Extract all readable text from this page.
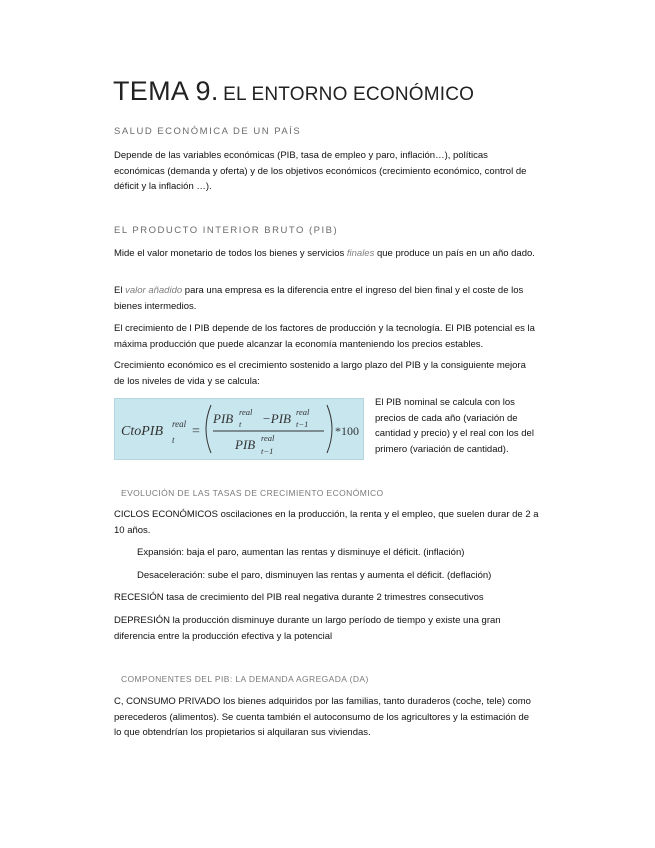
TEMA 9. EL ENTORNO ECONÓMICO
SALUD ECONÓMICA DE UN PAÍS
Depende de las variables económicas (PIB, tasa de empleo y paro, inflación…), políticas económicas (demanda y oferta) y de los objetivos económicos (crecimiento económico, control de déficit y la inflación …).
EL PRODUCTO INTERIOR BRUTO (PIB)
Mide el valor monetario de todos los bienes y servicios finales que produce un país en un año dado.
El valor añadido para una empresa es la diferencia entre el ingreso del bien final y el coste de los bienes intermedios.
El crecimiento de l PIB depende de los factores de producción y la tecnología. El PIB potencial es la máxima producción que puede alcanzar la economía manteniendo los precios estables.
Crecimiento económico es el crecimiento sostenido a largo plazo del PIB y la consiguiente mejora de los niveles de vida y se calcula:
CtoPIB real
t
=
PIB real
t −PIB real
t−1
PIB real
t−1
*100
El PIB nominal se calcula con los precios de cada año (variación de cantidad y precio) y el real con los del primero (variación de cantidad).
EVOLUCIÓN DE LAS TASAS DE CRECIMIENTO ECONÓMICO
CICLOS ECONÓMICOS oscilaciones en la producción, la renta y el empleo, que suelen durar de 2 a 10 años.
Expansión: baja el paro, aumentan las rentas y disminuye el déficit. (inflación)
Desaceleración: sube el paro, disminuyen las rentas y aumenta el déficit. (deflación)
RECESIÓN tasa de crecimiento del PIB real negativa durante 2 trimestres consecutivos
DEPRESIÓN la producción disminuye durante un largo período de tiempo y existe una gran diferencia entre la producción efectiva y la potencial
COMPONENTES DEL PIB: LA DEMANDA AGREGADA (DA)
C, CONSUMO PRIVADO los bienes adquiridos por las familias, tanto duraderos (coche, tele) como perecederos (alimentos). Se cuenta también el autoconsumo de los agricultores y la estimación de lo que obtendrían los propietarios si alquilaran sus viviendas.
